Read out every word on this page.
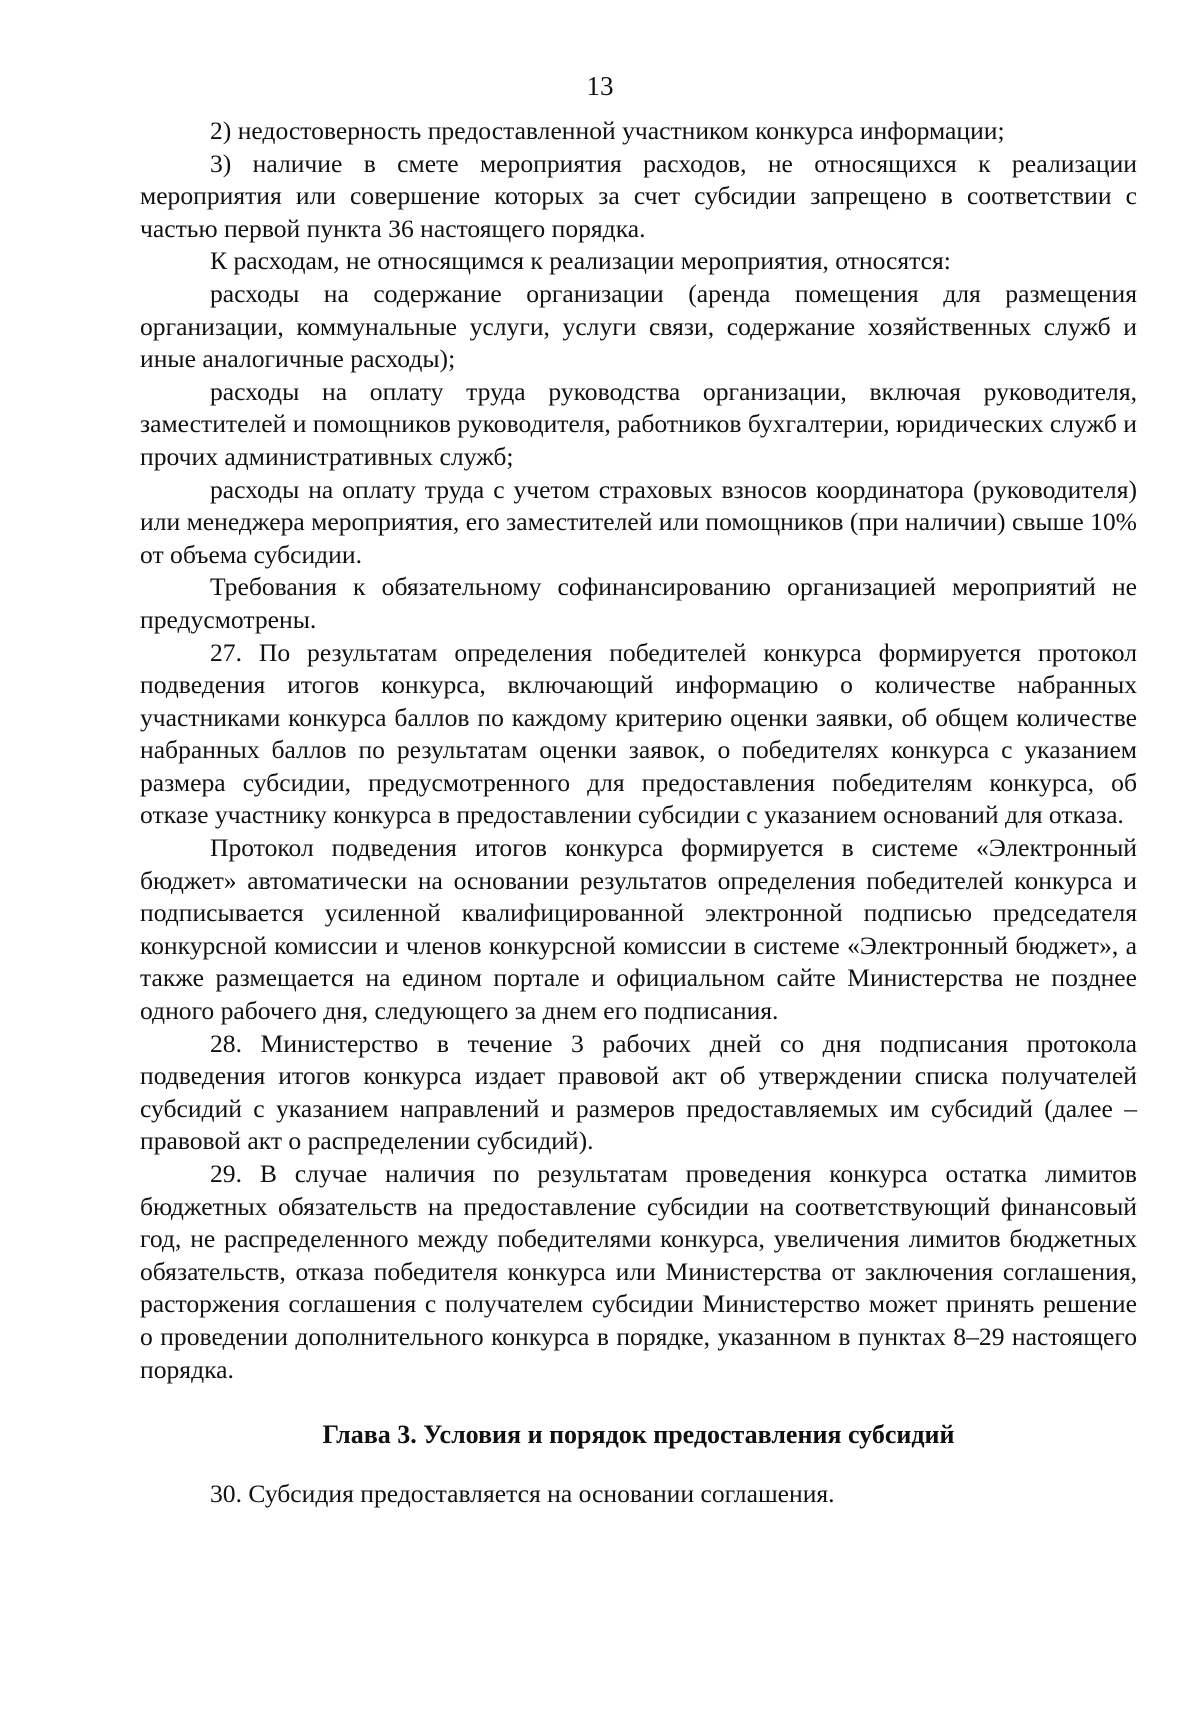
13

2) недостоверность предоставленной участником конкурса информации;

3) наличие в смете мероприятия расходов, не относящихся к реализации мероприятия или совершение которых за счет субсидии запрещено в соответствии с частью первой пункта 36 настоящего порядка.

К расходам, не относящимся к реализации мероприятия, относятся:

расходы на содержание организации (аренда помещения для размещения организации, коммунальные услуги, услуги связи, содержание хозяйственных служб и иные аналогичные расходы);

расходы на оплату труда руководства организации, включая руководителя, заместителей и помощников руководителя, работников бухгалтерии, юридических служб и прочих административных служб;

расходы на оплату труда с учетом страховых взносов координатора (руководителя) или менеджера мероприятия, его заместителей или помощников (при наличии) свыше 10% от объема субсидии.

Требования к обязательному софинансированию организацией мероприятий не предусмотрены.

27. По результатам определения победителей конкурса формируется протокол подведения итогов конкурса, включающий информацию о количестве набранных участниками конкурса баллов по каждому критерию оценки заявки, об общем количестве набранных баллов по результатам оценки заявок, о победителях конкурса с указанием размера субсидии, предусмотренного для предоставления победителям конкурса, об отказе участнику конкурса в предоставлении субсидии с указанием оснований для отказа.

Протокол подведения итогов конкурса формируется в системе «Электронный бюджет» автоматически на основании результатов определения победителей конкурса и подписывается усиленной квалифицированной электронной подписью председателя конкурсной комиссии и членов конкурсной комиссии в системе «Электронный бюджет», а также размещается на едином портале и официальном сайте Министерства не позднее одного рабочего дня, следующего за днем его подписания.

28. Министерство в течение 3 рабочих дней со дня подписания протокола подведения итогов конкурса издает правовой акт об утверждении списка получателей субсидий с указанием направлений и размеров предоставляемых им субсидий (далее – правовой акт о распределении субсидий).

29. В случае наличия по результатам проведения конкурса остатка лимитов бюджетных обязательств на предоставление субсидии на соответствующий финансовый год, не распределенного между победителями конкурса, увеличения лимитов бюджетных обязательств, отказа победителя конкурса или Министерства от заключения соглашения, расторжения соглашения с получателем субсидии Министерство может принять решение о проведении дополнительного конкурса в порядке, указанном в пунктах 8–29 настоящего порядка.

Глава 3. Условия и порядок предоставления субсидий

30. Субсидия предоставляется на основании соглашения.
